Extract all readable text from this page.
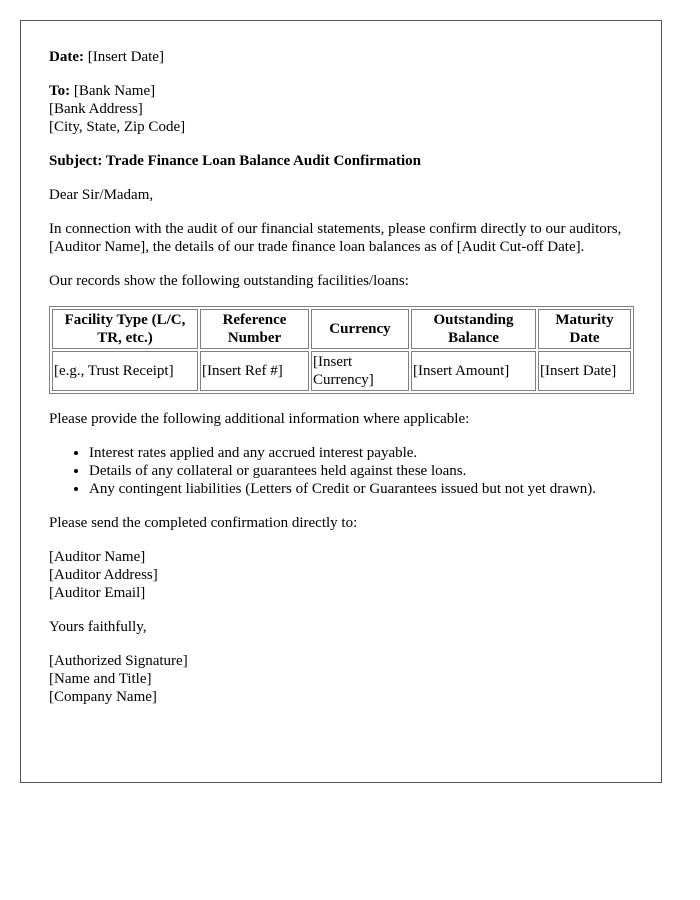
Date: [Insert Date]

To: [Bank Name]
[Bank Address]
[City, State, Zip Code]

Subject: Trade Finance Loan Balance Audit Confirmation

Dear Sir/Madam,

In connection with the audit of our financial statements, please confirm directly to our auditors, [Auditor Name], the details of our trade finance loan balances as of [Audit Cut-off Date].

Our records show the following outstanding facilities/loans:

Facility Type (L/C, TR, etc.)	Reference Number	Currency	Outstanding Balance	Maturity Date
[e.g., Trust Receipt]	[Insert Ref #]	[Insert Currency]	[Insert Amount]	[Insert Date]

Please provide the following additional information where applicable:

• Interest rates applied and any accrued interest payable.
• Details of any collateral or guarantees held against these loans.
• Any contingent liabilities (Letters of Credit or Guarantees issued but not yet drawn).

Please send the completed confirmation directly to:

[Auditor Name]
[Auditor Address]
[Auditor Email]

Yours faithfully,

[Authorized Signature]
[Name and Title]
[Company Name]
